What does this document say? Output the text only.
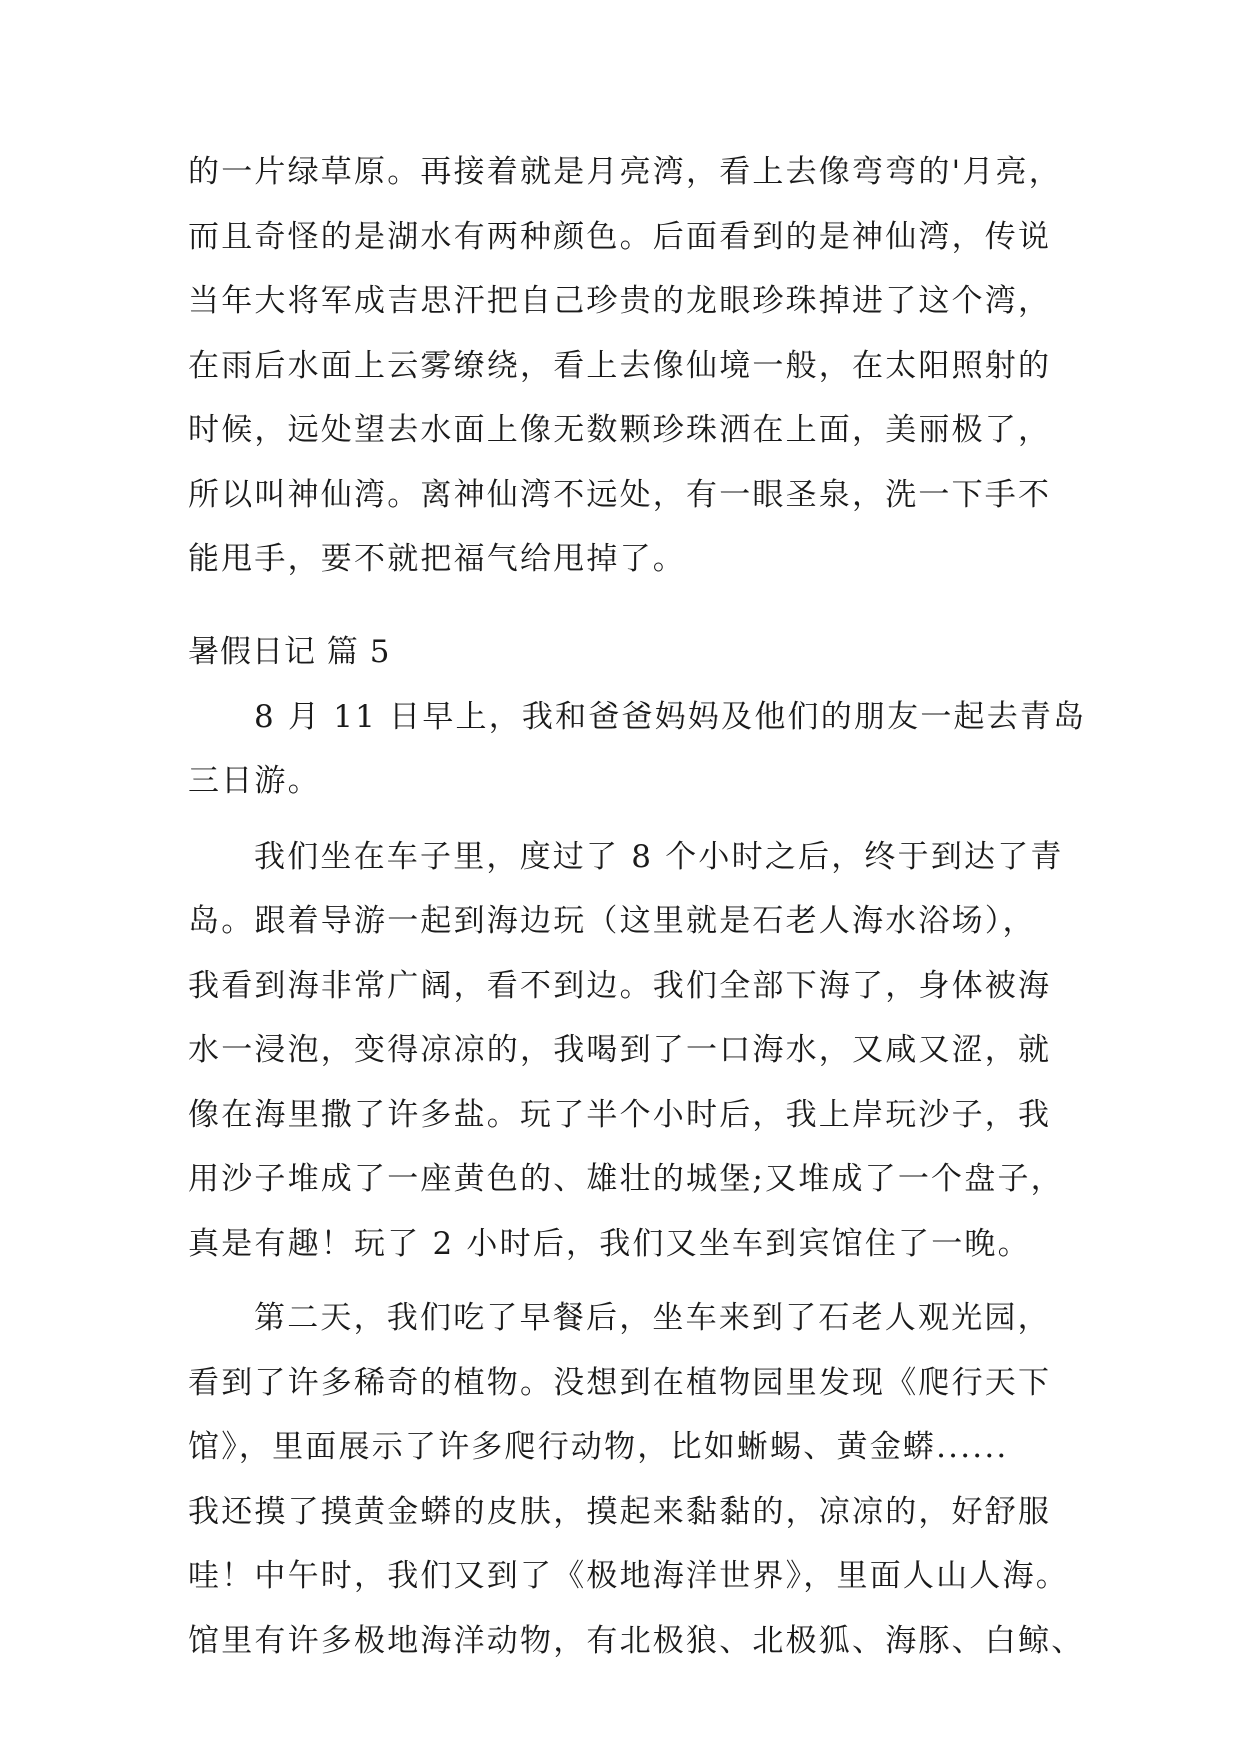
的一片绿草原。再接着就是月亮湾，看上去像弯弯的'月亮，
而且奇怪的是湖水有两种颜色。后面看到的是神仙湾，传说
当年大将军成吉思汗把自己珍贵的龙眼珍珠掉进了这个湾，
在雨后水面上云雾缭绕，看上去像仙境一般，在太阳照射的
时候，远处望去水面上像无数颗珍珠洒在上面，美丽极了，
所以叫神仙湾。离神仙湾不远处，有一眼圣泉，洗一下手不
能甩手，要不就把福气给甩掉了。
暑假日记 篇 5
8 月 11 日早上，我和爸爸妈妈及他们的朋友一起去青岛
三日游。
我们坐在车子里，度过了 8 个小时之后，终于到达了青
岛。跟着导游一起到海边玩（这里就是石老人海水浴场），
我看到海非常广阔，看不到边。我们全部下海了，身体被海
水一浸泡，变得凉凉的，我喝到了一口海水，又咸又涩，就
像在海里撒了许多盐。玩了半个小时后，我上岸玩沙子，我
用沙子堆成了一座黄色的、雄壮的城堡;又堆成了一个盘子，
真是有趣！玩了 2 小时后，我们又坐车到宾馆住了一晚。
第二天，我们吃了早餐后，坐车来到了石老人观光园，
看到了许多稀奇的植物。没想到在植物园里发现《爬行天下
馆》，里面展示了许多爬行动物，比如蜥蜴、黄金蟒......
我还摸了摸黄金蟒的皮肤，摸起来黏黏的，凉凉的，好舒服
哇！中午时，我们又到了《极地海洋世界》，里面人山人海。
馆里有许多极地海洋动物，有北极狼、北极狐、海豚、白鲸、
